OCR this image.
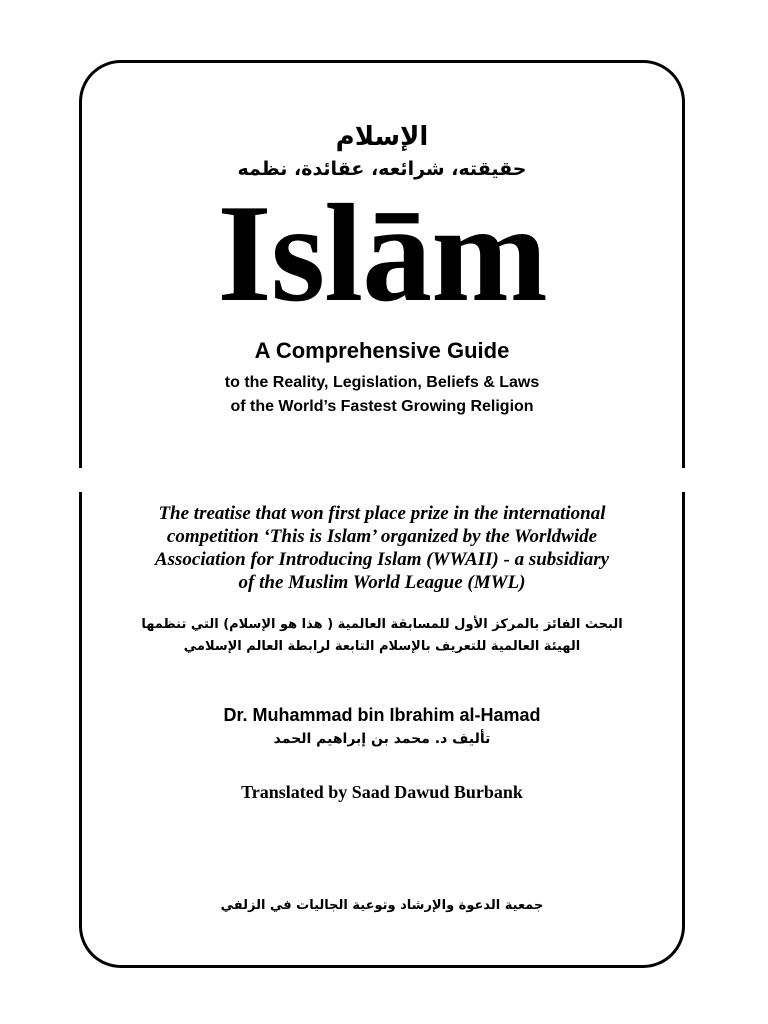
الإسلام
حقيقته، شرائعه، عقائدة، نظمه
Islām
A Comprehensive Guide
to the Reality, Legislation, Beliefs & Laws
of the World’s Fastest Growing Religion
The treatise that won first place prize in the international
competition ‘This is Islam’ organized by the Worldwide
Association for Introducing Islam (WWAII) - a subsidiary
of the Muslim World League (MWL)
البحث الفائز بالمركز الأول للمسابقة العالمية ( هذا هو الإسلام) التي تنظمها
الهيئة العالمية للتعريف بالإسلام التابعة لرابطة العالم الإسلامي
Dr. Muhammad bin Ibrahim al-Hamad
تأليف د. محمد بن إبراهيم الحمد
Translated by Saad Dawud Burbank
جمعية الدعوة والإرشاد وتوعية الجاليات في الزلفي
